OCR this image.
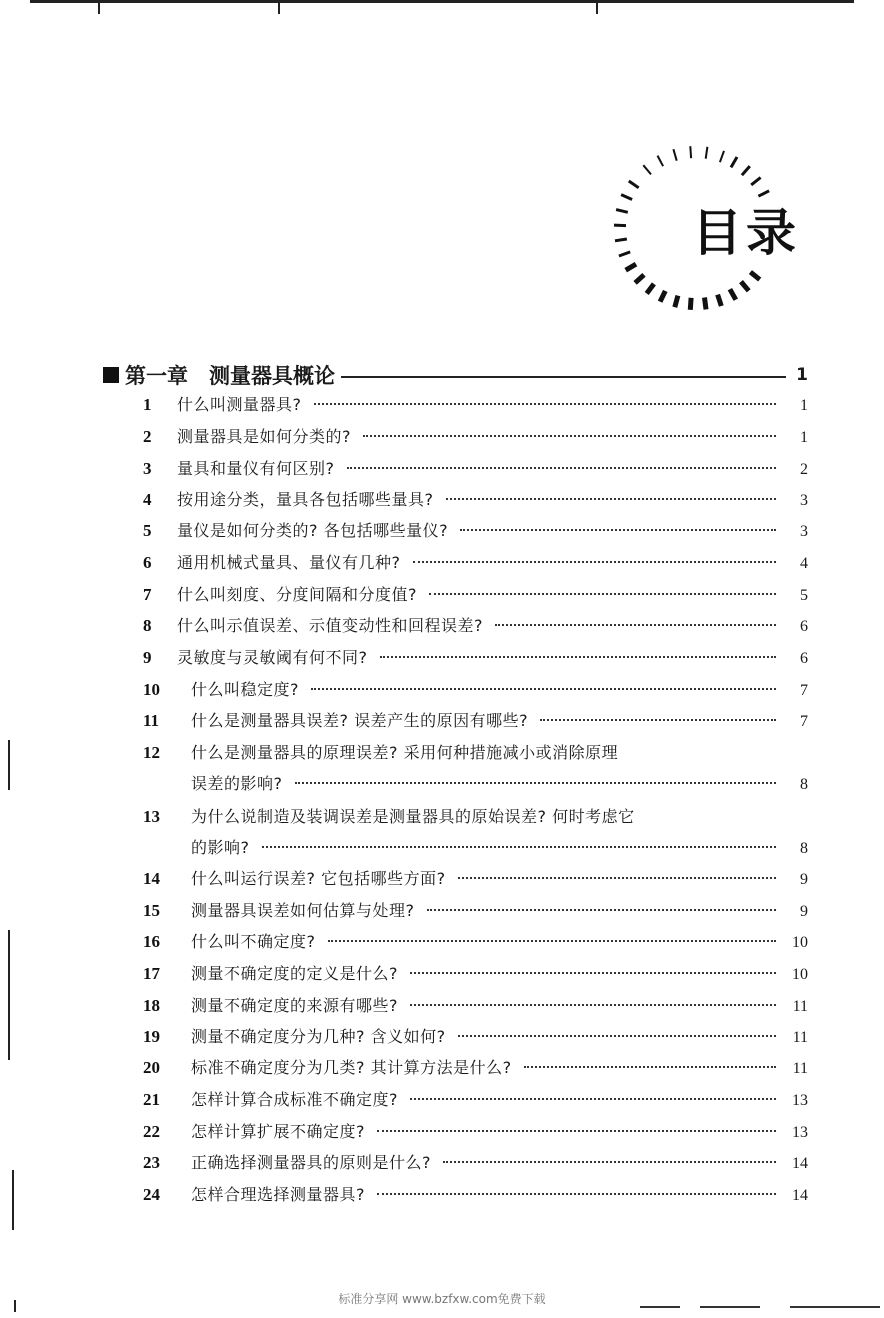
目录
第一章　测量器具概论	1
1	什么叫测量器具?	1
2	测量器具是如何分类的?	1
3	量具和量仪有何区别?	2
4	按用途分类，量具各包括哪些量具?	3
5	量仪是如何分类的? 各包括哪些量仪?	3
6	通用机械式量具、量仪有几种?	4
7	什么叫刻度、分度间隔和分度值?	5
8	什么叫示值误差、示值变动性和回程误差?	6
9	灵敏度与灵敏阈有何不同?	6
10	什么叫稳定度?	7
11	什么是测量器具误差? 误差产生的原因有哪些?	7
12	什么是测量器具的原理误差? 采用何种措施减小或消除原理
误差的影响?	8
13	为什么说制造及装调误差是测量器具的原始误差? 何时考虑它
的影响?	8
14	什么叫运行误差? 它包括哪些方面?	9
15	测量器具误差如何估算与处理?	9
16	什么叫不确定度?	10
17	测量不确定度的定义是什么?	10
18	测量不确定度的来源有哪些?	11
19	测量不确定度分为几种? 含义如何?	11
20	标准不确定度分为几类? 其计算方法是什么?	11
21	怎样计算合成标准不确定度?	13
22	怎样计算扩展不确定度?	13
23	正确选择测量器具的原则是什么?	14
24	怎样合理选择测量器具?	14
标准分享网 www.bzfxw.com免费下载
